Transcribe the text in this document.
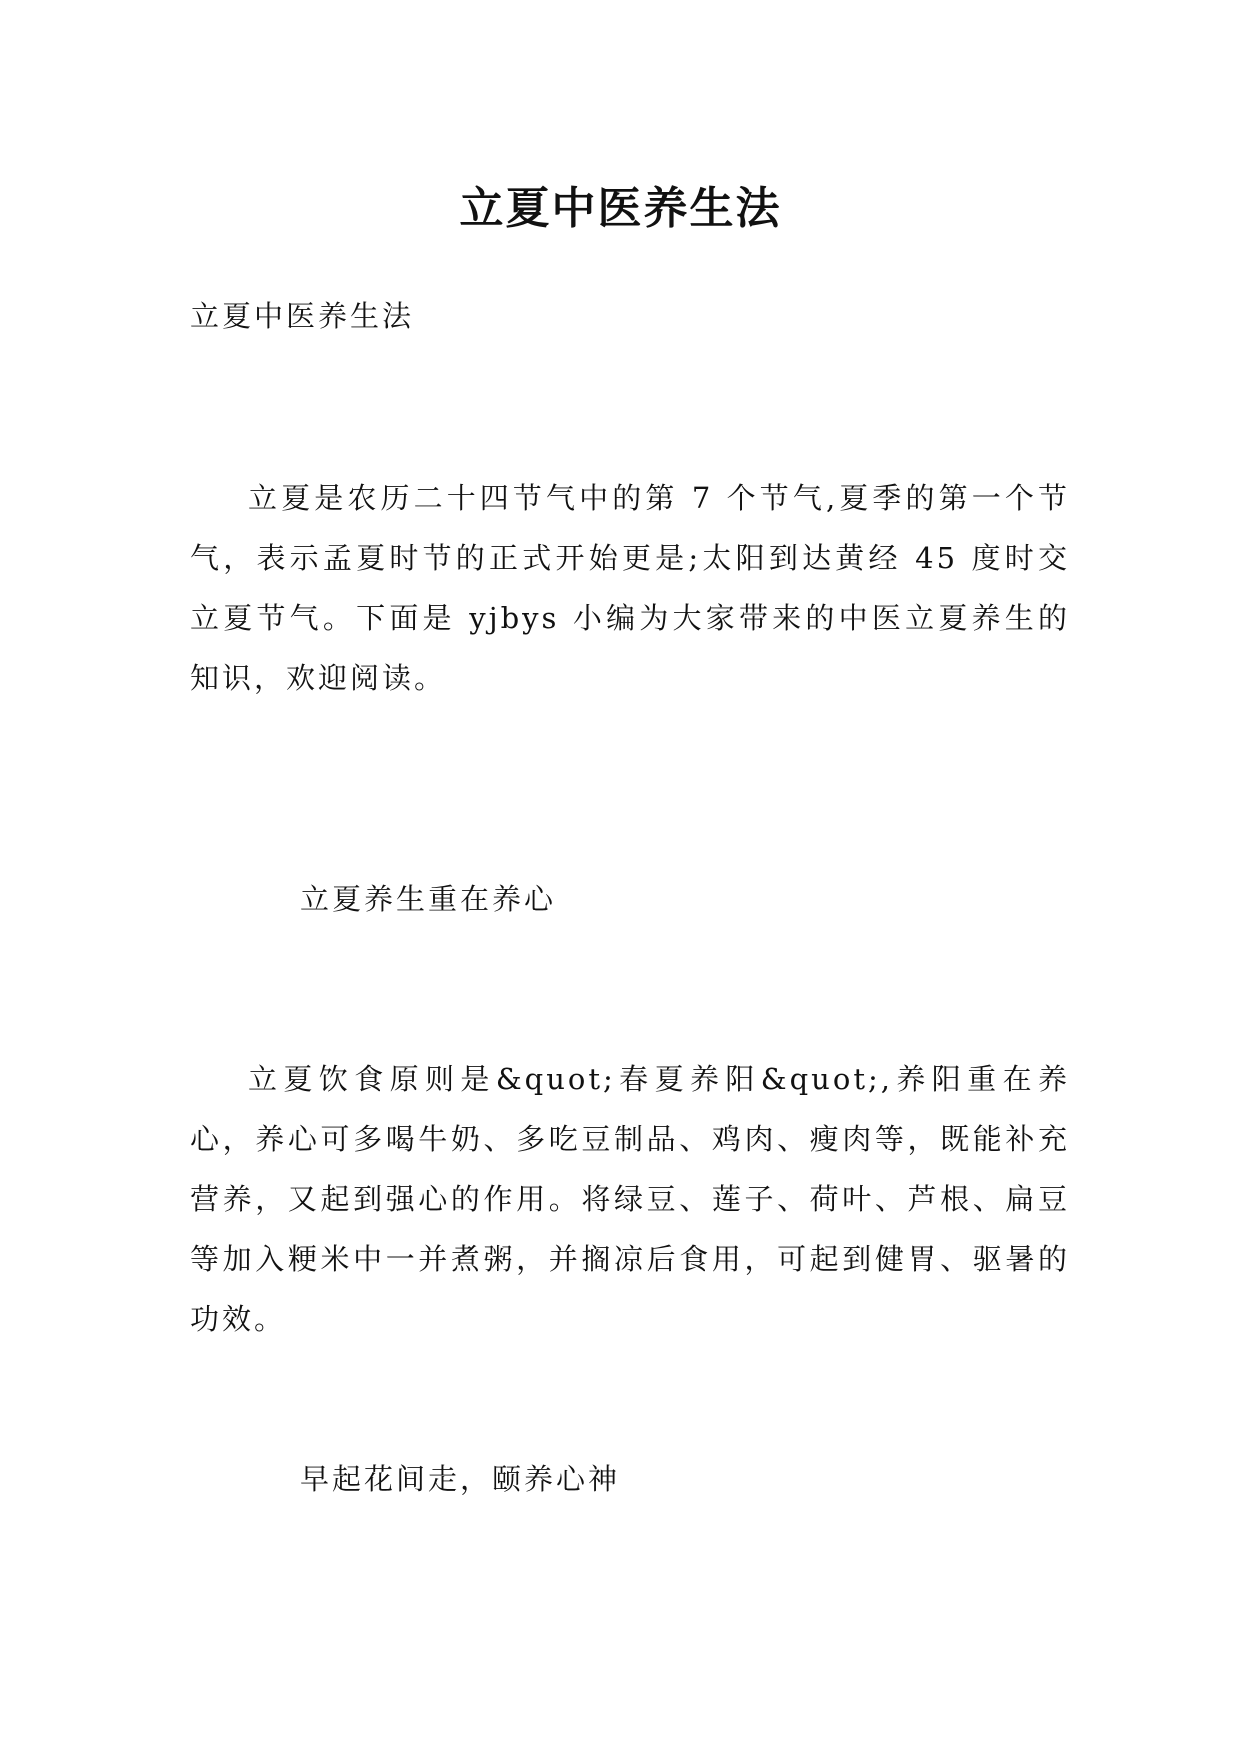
立夏中医养生法

立夏中医养生法

立夏是农历二十四节气中的第 7 个节气,夏季的第一个节气，表示孟夏时节的正式开始更是;太阳到达黄经 45 度时交立夏节气。下面是 yjbys 小编为大家带来的中医立夏养生的知识，欢迎阅读。

立夏养生重在养心

立夏饮食原则是&quot;春夏养阳&quot;,养阳重在养心，养心可多喝牛奶、多吃豆制品、鸡肉、瘦肉等，既能补充营养，又起到强心的作用。将绿豆、莲子、荷叶、芦根、扁豆等加入粳米中一并煮粥，并搁凉后食用，可起到健胃、驱暑的功效。

早起花间走，颐养心神
